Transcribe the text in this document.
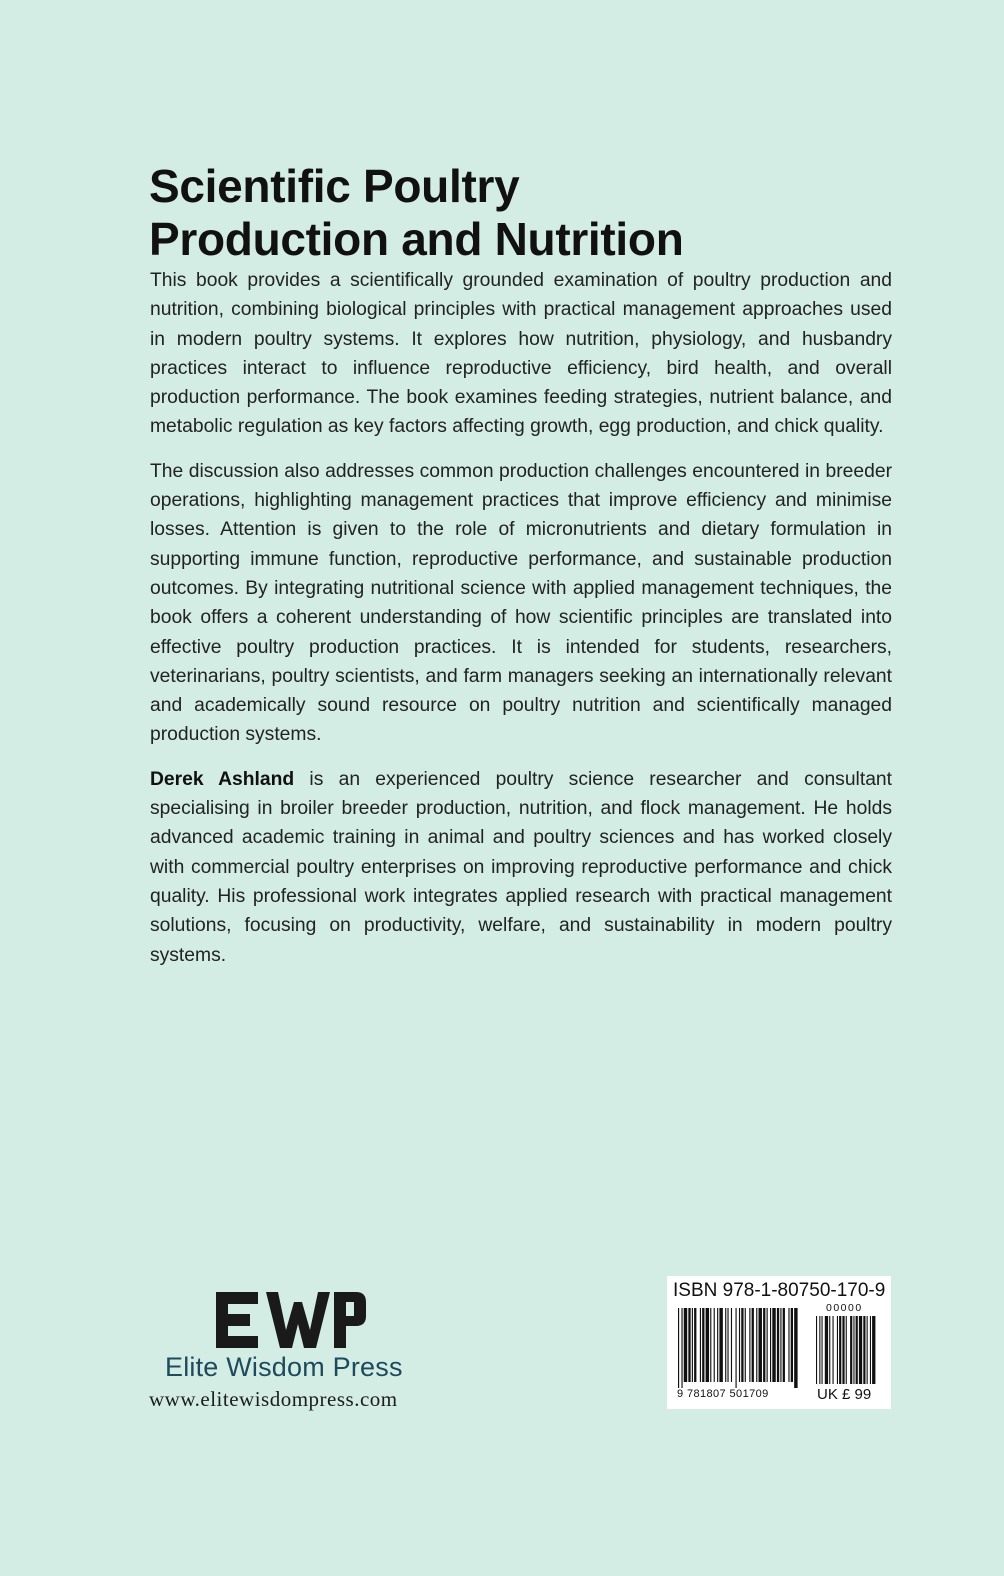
Scientific Poultry
Production and Nutrition

This book provides a scientifically grounded examination of poultry production and nutrition, combining biological principles with practical management approaches used in modern poultry systems. It explores how nutrition, physiology, and husbandry practices interact to influence reproductive efficiency, bird health, and overall production performance. The book examines feeding strategies, nutrient balance, and metabolic regulation as key factors affecting growth, egg production, and chick quality.

The discussion also addresses common production challenges encountered in breeder operations, highlighting management practices that improve efficiency and minimise losses. Attention is given to the role of micronutrients and dietary formulation in supporting immune function, reproductive performance, and sustainable production outcomes. By integrating nutritional science with applied management techniques, the book offers a coherent understanding of how scientific principles are translated into effective poultry production practices. It is intended for students, researchers, veterinarians, poultry scientists, and farm managers seeking an internationally relevant and academically sound resource on poultry nutrition and scientifically managed production systems.

Derek Ashland is an experienced poultry science researcher and consultant specialising in broiler breeder production, nutrition, and flock management. He holds advanced academic training in animal and poultry sciences and has worked closely with commercial poultry enterprises on improving reproductive performance and chick quality. His professional work integrates applied research with practical management solutions, focusing on productivity, welfare, and sustainability in modern poultry systems.

Elite Wisdom Press
www.elitewisdompress.com
ISBN 978-1-80750-170-9
00000
9 781807 501709	UK £ 99
